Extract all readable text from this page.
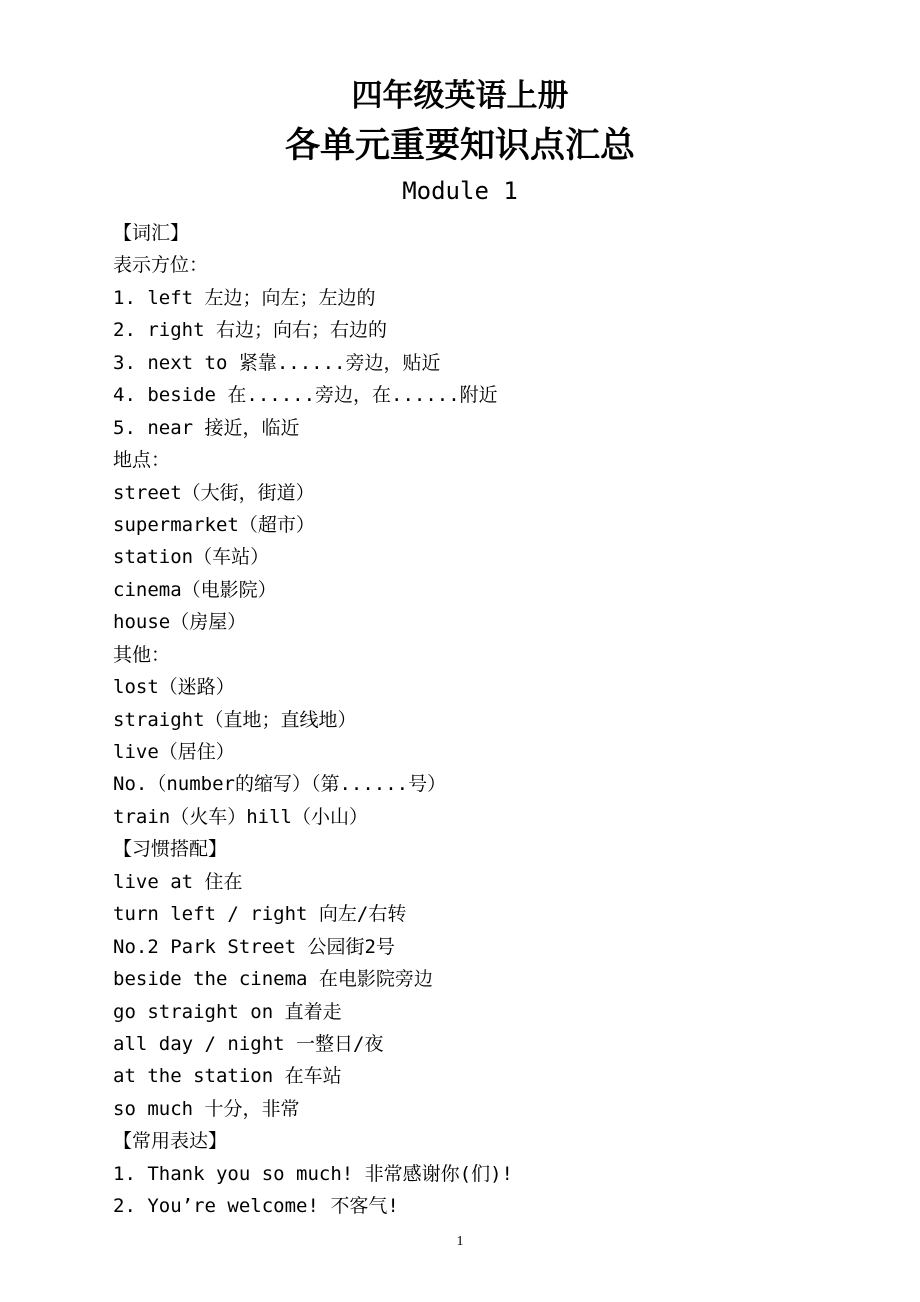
四年级英语上册
各单元重要知识点汇总
Module 1
【词汇】
表示方位：
1. left 左边；向左；左边的
2. right 右边；向右；右边的
3. next to 紧靠......旁边，贴近
4. beside 在......旁边，在......附近
5. near 接近，临近
地点：
street（大街，街道）
supermarket（超市）
station（车站）
cinema（电影院）
house（房屋）
其他：
lost（迷路）
straight（直地；直线地）
live（居住）
No.（number的缩写）（第......号）
train（火车）hill（小山）
【习惯搭配】
live at 住在
turn left / right 向左/右转
No.2 Park Street 公园街2号
beside the cinema 在电影院旁边
go straight on 直着走
all day / night 一整日/夜
at the station 在车站
so much 十分，非常
【常用表达】
1. Thank you so much! 非常感谢你(们)!
2. You’re welcome! 不客气!
1
